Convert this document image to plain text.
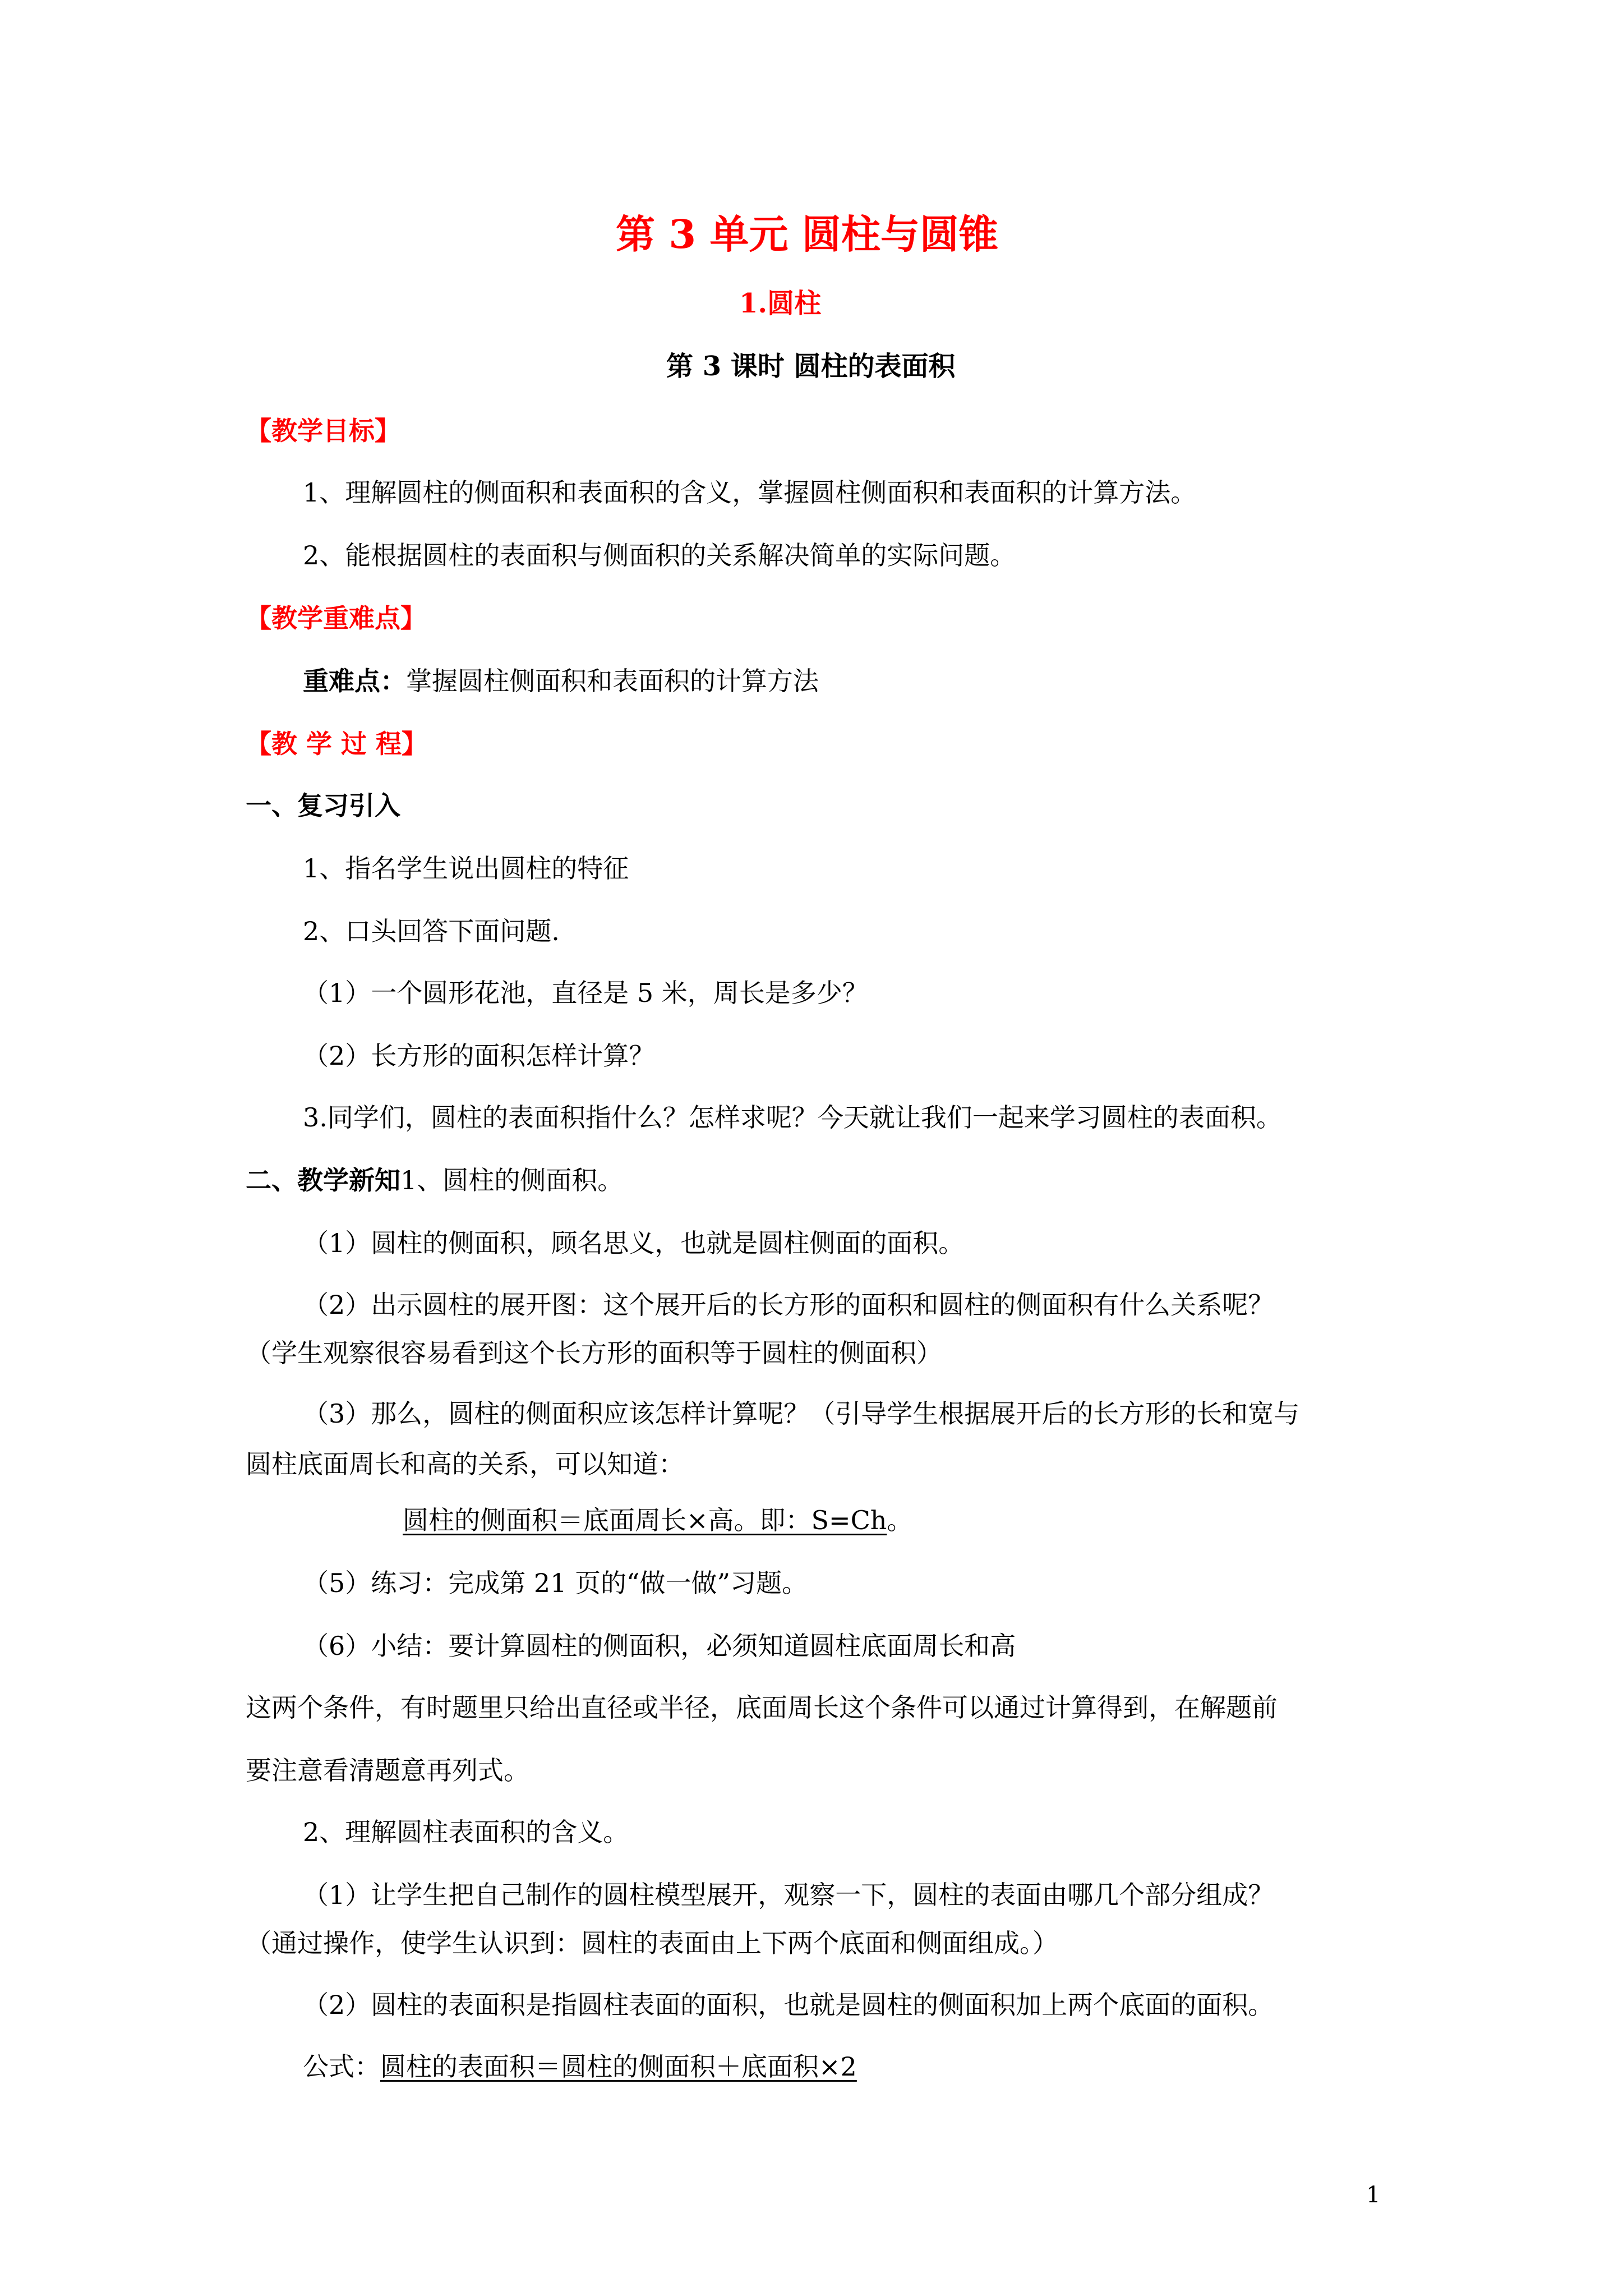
第 3 单元 圆柱与圆锥
1.圆柱
第 3 课时 圆柱的表面积
【教学目标】
1、理解圆柱的侧面积和表面积的含义，掌握圆柱侧面积和表面积的计算方法。
2、能根据圆柱的表面积与侧面积的关系解决简单的实际问题。
【教学重难点】
重难点：掌握圆柱侧面积和表面积的计算方法
【教 学 过 程】
一、复习引入
1、指名学生说出圆柱的特征
2、口头回答下面问题.
（1）一个圆形花池，直径是 5 米，周长是多少？
（2）长方形的面积怎样计算？
3.同学们，圆柱的表面积指什么？怎样求呢？今天就让我们一起来学习圆柱的表面积。
二、教学新知1、圆柱的侧面积。
（1）圆柱的侧面积，顾名思义，也就是圆柱侧面的面积。
（2）出示圆柱的展开图：这个展开后的长方形的面积和圆柱的侧面积有什么关系呢？
（学生观察很容易看到这个长方形的面积等于圆柱的侧面积）
（3）那么，圆柱的侧面积应该怎样计算呢？（引导学生根据展开后的长方形的长和宽与
圆柱底面周长和高的关系，可以知道：
圆柱的侧面积＝底面周长×高。即：S=Ch。
（5）练习：完成第 21 页的“做一做”习题。
（6）小结：要计算圆柱的侧面积，必须知道圆柱底面周长和高
这两个条件，有时题里只给出直径或半径，底面周长这个条件可以通过计算得到，在解题前
要注意看清题意再列式。
2、理解圆柱表面积的含义。
（1）让学生把自己制作的圆柱模型展开，观察一下，圆柱的表面由哪几个部分组成？
（通过操作，使学生认识到：圆柱的表面由上下两个底面和侧面组成。）
（2）圆柱的表面积是指圆柱表面的面积，也就是圆柱的侧面积加上两个底面的面积。
公式：圆柱的表面积＝圆柱的侧面积＋底面积×2
1
